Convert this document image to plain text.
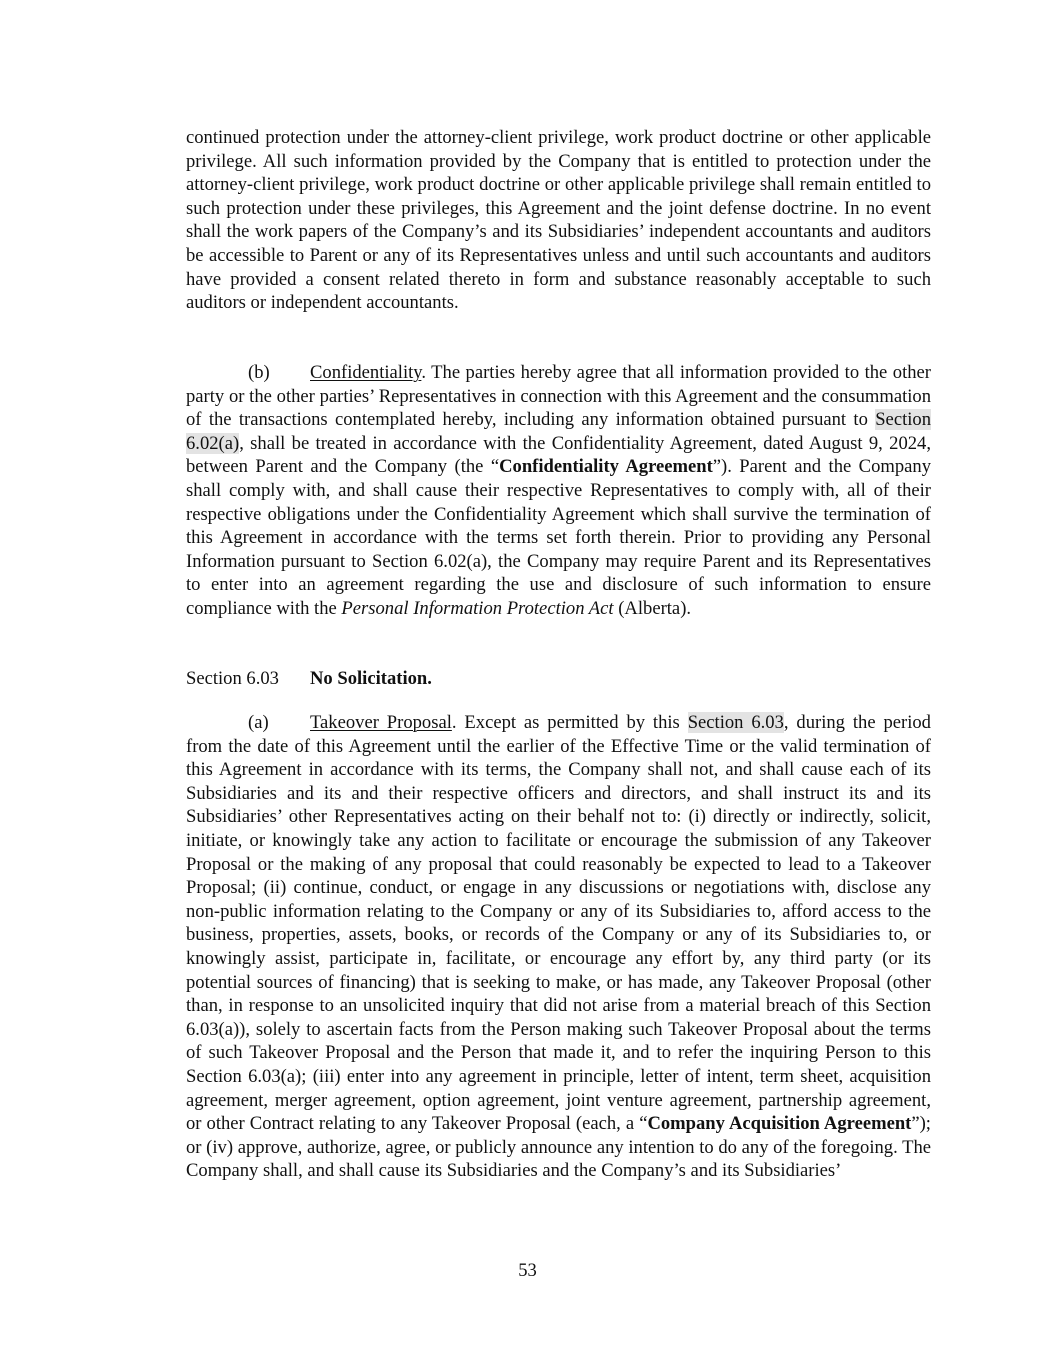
continued protection under the attorney-client privilege, work product doctrine or other applicable privilege. All such information provided by the Company that is entitled to protection under the attorney-client privilege, work product doctrine or other applicable privilege shall remain entitled to such protection under these privileges, this Agreement and the joint defense doctrine. In no event shall the work papers of the Company’s and its Subsidiaries’ independent accountants and auditors be accessible to Parent or any of its Representatives unless and until such accountants and auditors have provided a consent related thereto in form and substance reasonably acceptable to such auditors or independent accountants.

(b) Confidentiality. The parties hereby agree that all information provided to the other party or the other parties’ Representatives in connection with this Agreement and the consummation of the transactions contemplated hereby, including any information obtained pursuant to Section 6.02(a), shall be treated in accordance with the Confidentiality Agreement, dated August 9, 2024, between Parent and the Company (the “Confidentiality Agreement”). Parent and the Company shall comply with, and shall cause their respective Representatives to comply with, all of their respective obligations under the Confidentiality Agreement which shall survive the termination of this Agreement in accordance with the terms set forth therein. Prior to providing any Personal Information pursuant to Section 6.02(a), the Company may require Parent and its Representatives to enter into an agreement regarding the use and disclosure of such information to ensure compliance with the Personal Information Protection Act (Alberta).

Section 6.03 No Solicitation.

(a) Takeover Proposal. Except as permitted by this Section 6.03, during the period from the date of this Agreement until the earlier of the Effective Time or the valid termination of this Agreement in accordance with its terms, the Company shall not, and shall cause each of its Subsidiaries and its and their respective officers and directors, and shall instruct its and its Subsidiaries’ other Representatives acting on their behalf not to: (i) directly or indirectly, solicit, initiate, or knowingly take any action to facilitate or encourage the submission of any Takeover Proposal or the making of any proposal that could reasonably be expected to lead to a Takeover Proposal; (ii) continue, conduct, or engage in any discussions or negotiations with, disclose any non-public information relating to the Company or any of its Subsidiaries to, afford access to the business, properties, assets, books, or records of the Company or any of its Subsidiaries to, or knowingly assist, participate in, facilitate, or encourage any effort by, any third party (or its potential sources of financing) that is seeking to make, or has made, any Takeover Proposal (other than, in response to an unsolicited inquiry that did not arise from a material breach of this Section 6.03(a)), solely to ascertain facts from the Person making such Takeover Proposal about the terms of such Takeover Proposal and the Person that made it, and to refer the inquiring Person to this Section 6.03(a); (iii) enter into any agreement in principle, letter of intent, term sheet, acquisition agreement, merger agreement, option agreement, joint venture agreement, partnership agreement, or other Contract relating to any Takeover Proposal (each, a “Company Acquisition Agreement”); or (iv) approve, authorize, agree, or publicly announce any intention to do any of the foregoing. The Company shall, and shall cause its Subsidiaries and the Company’s and its Subsidiaries’

53
